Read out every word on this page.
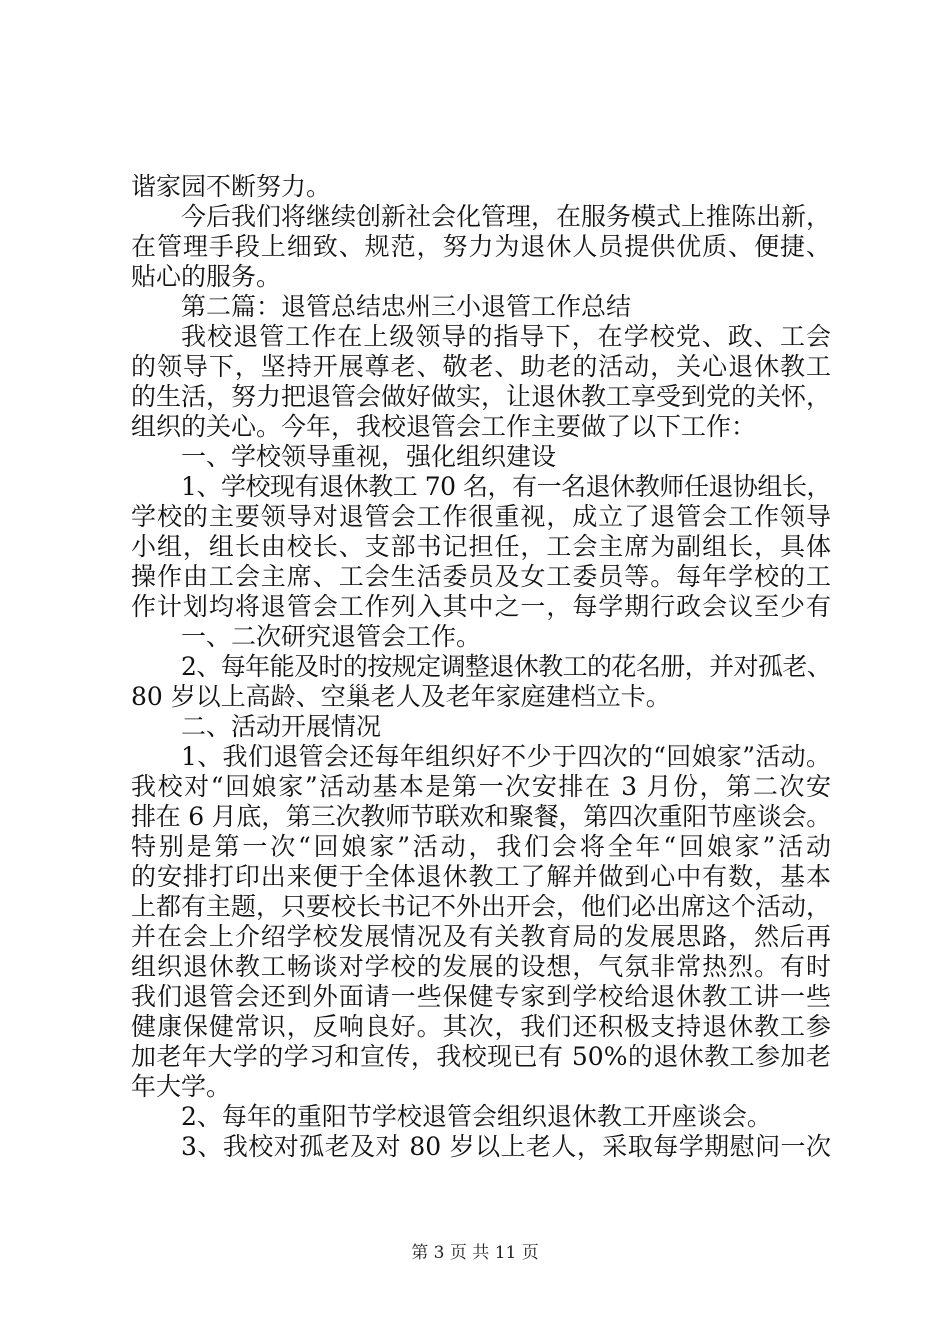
谐家园不断努力。
今后我们将继续创新社会化管理，在服务模式上推陈出新，
在管理手段上细致、规范，努力为退休人员提供优质、便捷、
贴心的服务。
第二篇：退管总结忠州三小退管工作总结
我校退管工作在上级领导的指导下，在学校党、政、工会
的领导下，坚持开展尊老、敬老、助老的活动，关心退休教工
的生活，努力把退管会做好做实，让退休教工享受到党的关怀，
组织的关心。今年，我校退管会工作主要做了以下工作：
一、学校领导重视，强化组织建设
1、学校现有退休教工 70 名，有一名退休教师任退协组长，
学校的主要领导对退管会工作很重视，成立了退管会工作领导
小组，组长由校长、支部书记担任，工会主席为副组长，具体
操作由工会主席、工会生活委员及女工委员等。每年学校的工
作计划均将退管会工作列入其中之一，每学期行政会议至少有
一、二次研究退管会工作。
2、每年能及时的按规定调整退休教工的花名册，并对孤老、
80 岁以上高龄、空巢老人及老年家庭建档立卡。
二、活动开展情况
1、我们退管会还每年组织好不少于四次的“回娘家”活动。
我校对“回娘家”活动基本是第一次安排在 3 月份，第二次安
排在 6 月底，第三次教师节联欢和聚餐，第四次重阳节座谈会。
特别是第一次“回娘家”活动，我们会将全年“回娘家”活动
的安排打印出来便于全体退休教工了解并做到心中有数，基本
上都有主题，只要校长书记不外出开会，他们必出席这个活动，
并在会上介绍学校发展情况及有关教育局的发展思路，然后再
组织退休教工畅谈对学校的发展的设想，气氛非常热烈。有时
我们退管会还到外面请一些保健专家到学校给退休教工讲一些
健康保健常识，反响良好。其次，我们还积极支持退休教工参
加老年大学的学习和宣传，我校现已有 50%的退休教工参加老
年大学。
2、每年的重阳节学校退管会组织退休教工开座谈会。
3、我校对孤老及对 80 岁以上老人，采取每学期慰问一次
第 3 页 共 11 页
